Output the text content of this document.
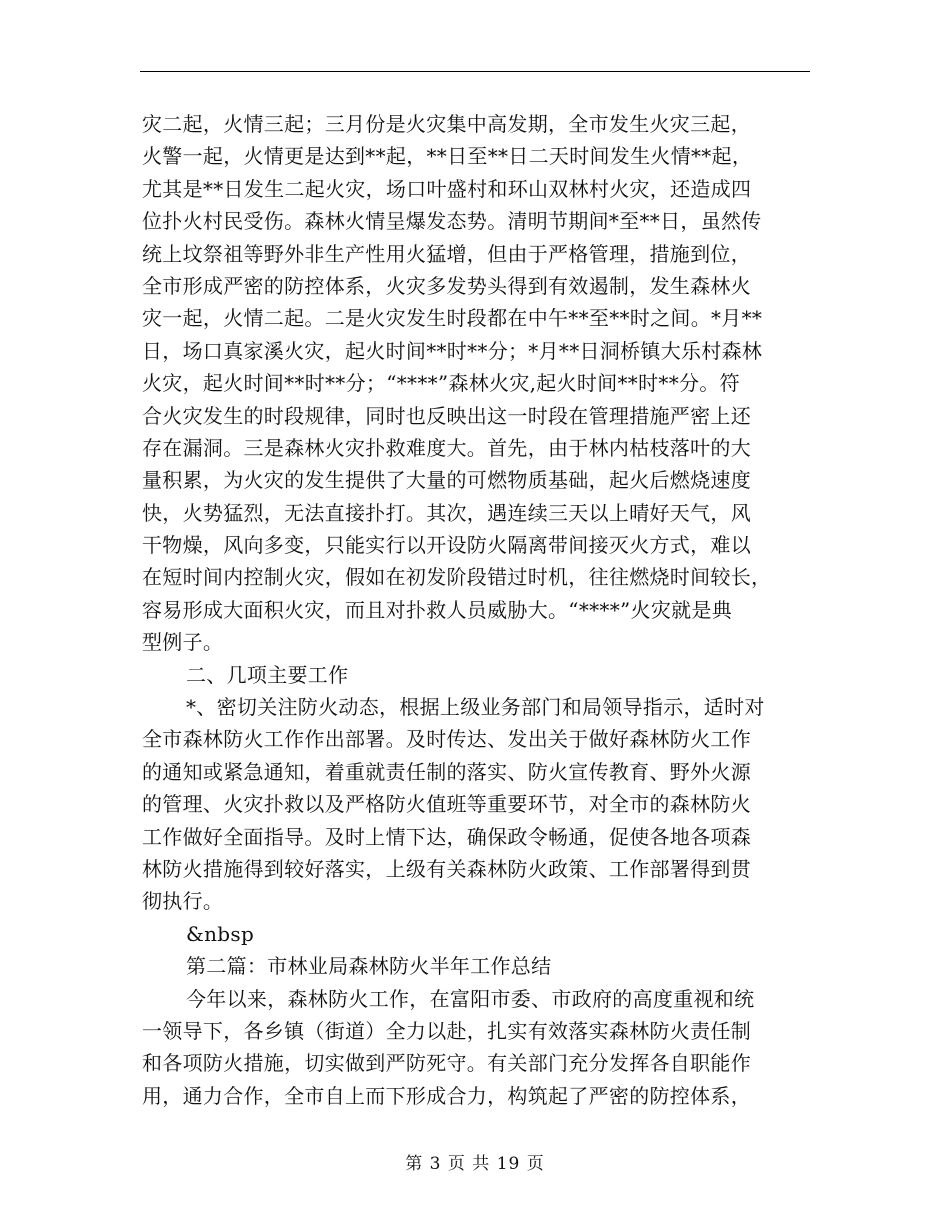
灾二起，火情三起；三月份是火灾集中高发期，全市发生火灾三起，
火警一起，火情更是达到**起，**日至**日二天时间发生火情**起，
尤其是**日发生二起火灾，场口叶盛村和环山双林村火灾，还造成四
位扑火村民受伤。森林火情呈爆发态势。清明节期间*至**日，虽然传
统上坟祭祖等野外非生产性用火猛增，但由于严格管理，措施到位，
全市形成严密的防控体系，火灾多发势头得到有效遏制，发生森林火
灾一起，火情二起。二是火灾发生时段都在中午**至**时之间。*月**
日，场口真家溪火灾，起火时间**时**分；*月**日洞桥镇大乐村森林
火灾，起火时间**时**分；“****”森林火灾,起火时间**时**分。符
合火灾发生的时段规律，同时也反映出这一时段在管理措施严密上还
存在漏洞。三是森林火灾扑救难度大。首先，由于林内枯枝落叶的大
量积累，为火灾的发生提供了大量的可燃物质基础，起火后燃烧速度
快，火势猛烈，无法直接扑打。其次，遇连续三天以上晴好天气，风
干物燥，风向多变，只能实行以开设防火隔离带间接灭火方式，难以
在短时间内控制火灾，假如在初发阶段错过时机，往往燃烧时间较长，
容易形成大面积火灾，而且对扑救人员威胁大。“****”火灾就是典
型例子。
二、几项主要工作
*、密切关注防火动态，根据上级业务部门和局领导指示，适时对
全市森林防火工作作出部署。及时传达、发出关于做好森林防火工作
的通知或紧急通知，着重就责任制的落实、防火宣传教育、野外火源
的管理、火灾扑救以及严格防火值班等重要环节，对全市的森林防火
工作做好全面指导。及时上情下达，确保政令畅通，促使各地各项森
林防火措施得到较好落实，上级有关森林防火政策、工作部署得到贯
彻执行。
&nbsp
第二篇：市林业局森林防火半年工作总结
今年以来，森林防火工作，在富阳市委、市政府的高度重视和统
一领导下，各乡镇（街道）全力以赴，扎实有效落实森林防火责任制
和各项防火措施，切实做到严防死守。有关部门充分发挥各自职能作
用，通力合作，全市自上而下形成合力，构筑起了严密的防控体系，
第 3 页 共 19 页
